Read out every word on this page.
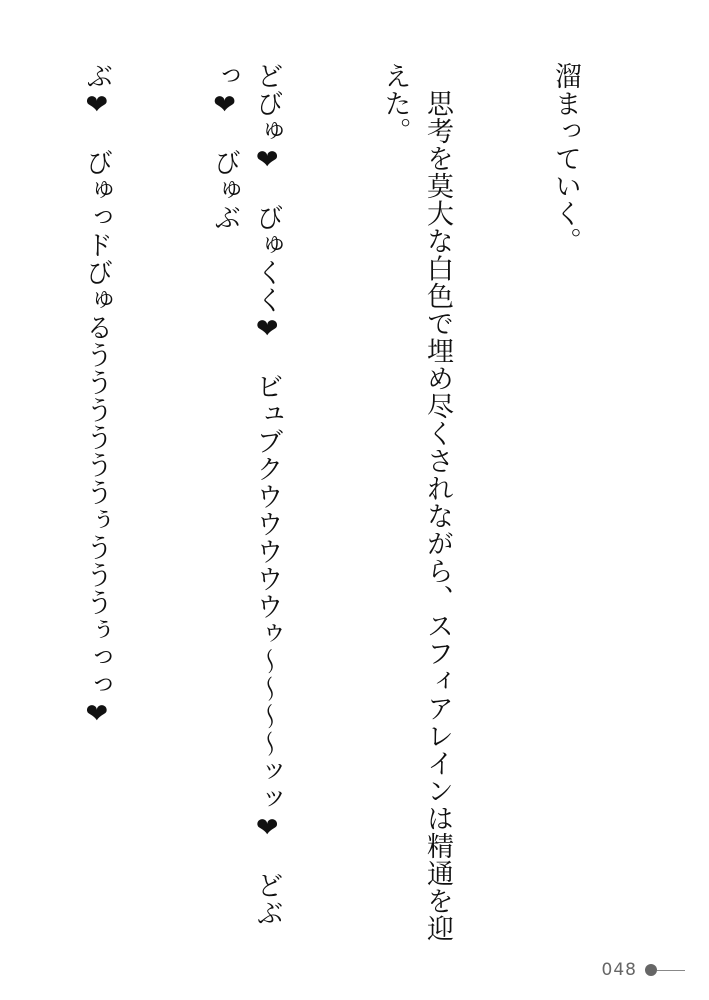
溜まっていく。

　思考を莫大な白色で埋め尽くされながら、スフィアレインは精通を迎えた。

どびゅ❤　びゅくく❤　ビュブクウウウウウゥ〜〜〜〜ッッ❤　どぶっ❤　びゅぶ

ぶ❤　びゅっドびゅるううううううぅうううぅっっ❤

048
